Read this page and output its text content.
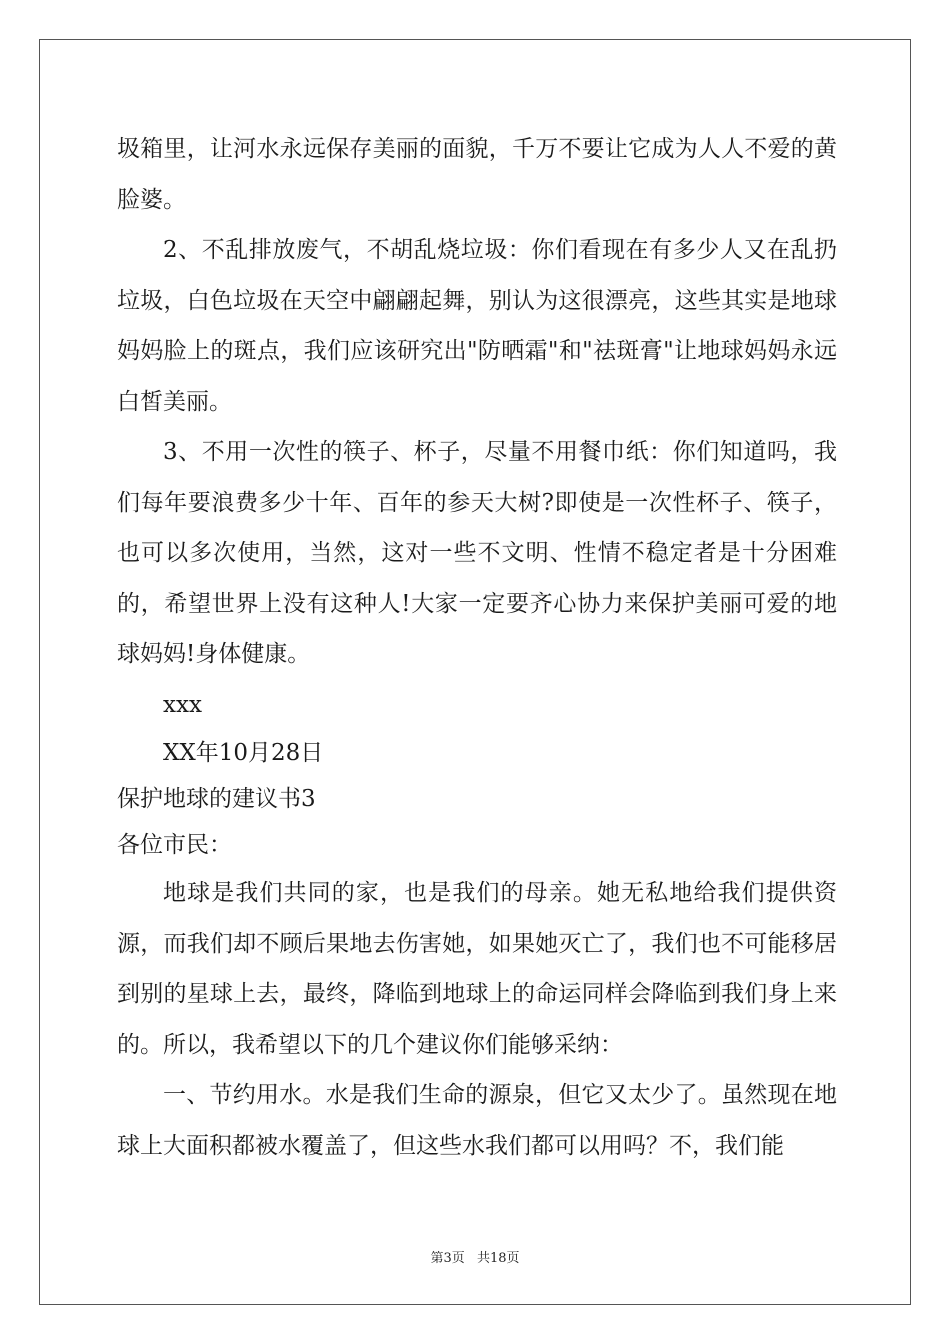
圾箱里，让河水永远保存美丽的面貌，千万不要让它成为人人不爱的黄脸婆。

2、不乱排放废气，不胡乱烧垃圾：你们看现在有多少人又在乱扔垃圾，白色垃圾在天空中翩翩起舞，别认为这很漂亮，这些其实是地球妈妈脸上的斑点，我们应该研究出"防晒霜"和"祛斑膏"让地球妈妈永远白皙美丽。

3、不用一次性的筷子、杯子，尽量不用餐巾纸：你们知道吗，我们每年要浪费多少十年、百年的参天大树?即使是一次性杯子、筷子，也可以多次使用，当然，这对一些不文明、性情不稳定者是十分困难的，希望世界上没有这种人!大家一定要齐心协力来保护美丽可爱的地球妈妈!身体健康。

xxx

XX年10月28日

保护地球的建议书3

各位市民：

地球是我们共同的家，也是我们的母亲。她无私地给我们提供资源，而我们却不顾后果地去伤害她，如果她灭亡了，我们也不可能移居到别的星球上去，最终，降临到地球上的命运同样会降临到我们身上来的。所以，我希望以下的几个建议你们能够采纳：

一、节约用水。水是我们生命的源泉，但它又太少了。虽然现在地球上大面积都被水覆盖了，但这些水我们都可以用吗？不，我们能

第3页 共18页
